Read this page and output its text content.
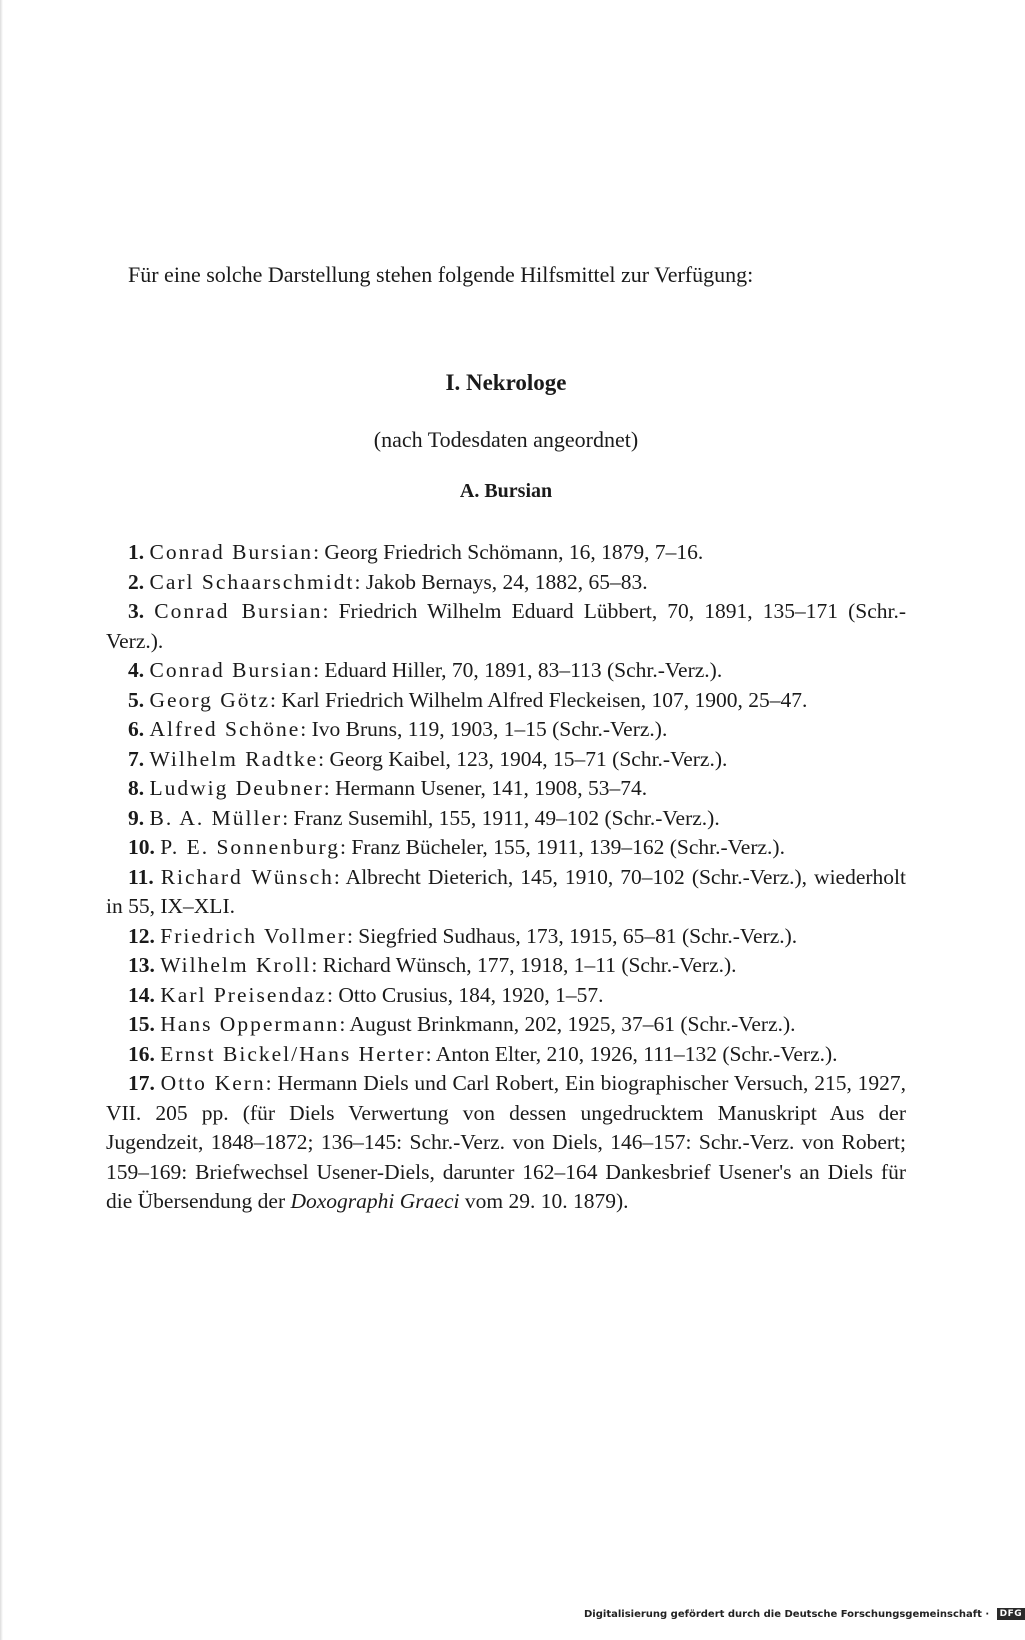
Für eine solche Darstellung stehen folgende Hilfsmittel zur Verfügung:
I. Nekrologe
(nach Todesdaten angeordnet)
A. Bursian

1. Conrad Bursian: Georg Friedrich Schömann, 16, 1879, 7–16.

2. Carl Schaarschmidt: Jakob Bernays, 24, 1882, 65–83.

3. Conrad Bursian: Friedrich Wilhelm Eduard Lübbert, 70, 1891, 135–171 (Schr.-Verz.).

4. Conrad Bursian: Eduard Hiller, 70, 1891, 83–113 (Schr.-Verz.).

5. Georg Götz: Karl Friedrich Wilhelm Alfred Fleckeisen, 107, 1900, 25–47.

6. Alfred Schöne: Ivo Bruns, 119, 1903, 1–15 (Schr.-Verz.).

7. Wilhelm Radtke: Georg Kaibel, 123, 1904, 15–71 (Schr.-Verz.).

8. Ludwig Deubner: Hermann Usener, 141, 1908, 53–74.

9. B. A. Müller: Franz Susemihl, 155, 1911, 49–102 (Schr.-Verz.).

10. P. E. Sonnenburg: Franz Bücheler, 155, 1911, 139–162 (Schr.-Verz.).

11. Richard Wünsch: Albrecht Dieterich, 145, 1910, 70–102 (Schr.-Verz.), wiederholt in 55, IX–XLI.

12. Friedrich Vollmer: Siegfried Sudhaus, 173, 1915, 65–81 (Schr.-Verz.).

13. Wilhelm Kroll: Richard Wünsch, 177, 1918, 1–11 (Schr.-Verz.).

14. Karl Preisendaz: Otto Crusius, 184, 1920, 1–57.

15. Hans Oppermann: August Brinkmann, 202, 1925, 37–61 (Schr.-Verz.).

16. Ernst Bickel/Hans Herter: Anton Elter, 210, 1926, 111–132 (Schr.-Verz.).

17. Otto Kern: Hermann Diels und Carl Robert, Ein biographischer Versuch, 215, 1927, VII. 205 pp. (für Diels Verwertung von dessen ungedrucktem Manuskript Aus der Jugendzeit, 1848–1872; 136–145: Schr.-Verz. von Diels, 146–157: Schr.-Verz. von Robert; 159–169: Briefwechsel Usener-Diels, darunter 162–164 Dankesbrief Usener's an Diels für die Übersendung der Doxographi Graeci vom 29. 10. 1879).

Digitalisierung gefördert durch die Deutsche Forschungsgemeinschaft · DFG
